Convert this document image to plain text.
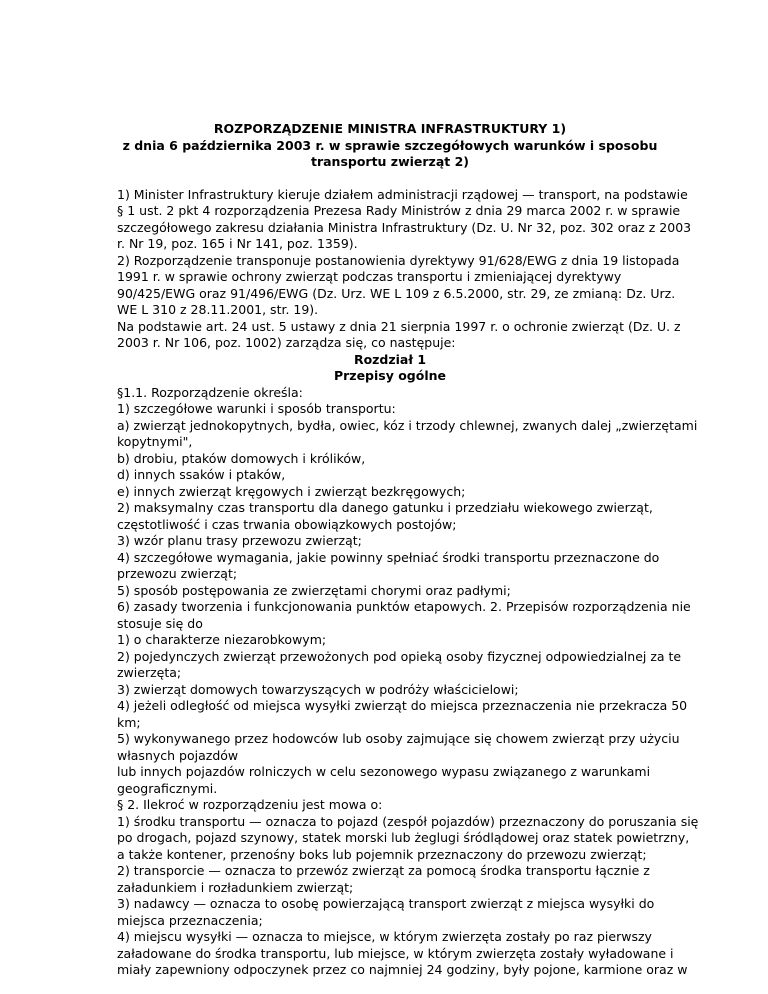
ROZPORZĄDZENIE MINISTRA INFRASTRUKTURY 1)
z dnia 6 października 2003 r. w sprawie szczegółowych warunków i sposobu
transportu zwierząt 2)
1) Minister Infrastruktury kieruje działem administracji rządowej — transport, na podstawie
§ 1 ust. 2 pkt 4 rozporządzenia Prezesa Rady Ministrów z dnia 29 marca 2002 r. w sprawie
szczegółowego zakresu działania Ministra Infrastruktury (Dz. U. Nr 32, poz. 302 oraz z 2003
r. Nr 19, poz. 165 i Nr 141, poz. 1359).
2) Rozporządzenie transponuje postanowienia dyrektywy 91/628/EWG z dnia 19 listopada
1991 r. w sprawie ochrony zwierząt podczas transportu i zmieniającej dyrektywy
90/425/EWG oraz 91/496/EWG (Dz. Urz. WE L 109 z 6.5.2000, str. 29, ze zmianą: Dz. Urz.
WE L 310 z 28.11.2001, str. 19).
Na podstawie art. 24 ust. 5 ustawy z dnia 21 sierpnia 1997 r. o ochronie zwierząt (Dz. U. z
2003 r. Nr 106, poz. 1002) zarządza się, co następuje:
Rozdział 1
Przepisy ogólne
§1.1. Rozporządzenie określa:
1) szczegółowe warunki i sposób transportu:
a) zwierząt jednokopytnych, bydła, owiec, kóz i trzody chlewnej, zwanych dalej „zwierzętami
kopytnymi",
b) drobiu, ptaków domowych i królików,
d) innych ssaków i ptaków,
e) innych zwierząt kręgowych i zwierząt bezkręgowych;
2) maksymalny czas transportu dla danego gatunku i przedziału wiekowego zwierząt,
częstotliwość i czas trwania obowiązkowych postojów;
3) wzór planu trasy przewozu zwierząt;
4) szczegółowe wymagania, jakie powinny spełniać środki transportu przeznaczone do
przewozu zwierząt;
5) sposób postępowania ze zwierzętami chorymi oraz padłymi;
6) zasady tworzenia i funkcjonowania punktów etapowych. 2. Przepisów rozporządzenia nie
stosuje się do
1) o charakterze niezarobkowym;
2) pojedynczych zwierząt przewożonych pod opieką osoby fizycznej odpowiedzialnej za te
zwierzęta;
3) zwierząt domowych towarzyszących w podróży właścicielowi;
4) jeżeli odległość od miejsca wysyłki zwierząt do miejsca przeznaczenia nie przekracza 50
km;
5) wykonywanego przez hodowców lub osoby zajmujące się chowem zwierząt przy użyciu
własnych pojazdów
lub innych pojazdów rolniczych w celu sezonowego wypasu związanego z warunkami
geograficznymi.
§ 2. Ilekroć w rozporządzeniu jest mowa o:
1) środku transportu — oznacza to pojazd (zespół pojazdów) przeznaczony do poruszania się
po drogach, pojazd szynowy, statek morski lub żeglugi śródlądowej oraz statek powietrzny,
a także kontener, przenośny boks lub pojemnik przeznaczony do przewozu zwierząt;
2) transporcie — oznacza to przewóz zwierząt za pomocą środka transportu łącznie z
załadunkiem i rozładunkiem zwierząt;
3) nadawcy — oznacza to osobę powierzającą transport zwierząt z miejsca wysyłki do
miejsca przeznaczenia;
4) miejscu wysyłki — oznacza to miejsce, w którym zwierzęta zostały po raz pierwszy
załadowane do środka transportu, lub miejsce, w którym zwierzęta zostały wyładowane i
miały zapewniony odpoczynek przez co najmniej 24 godziny, były pojone, karmione oraz w
